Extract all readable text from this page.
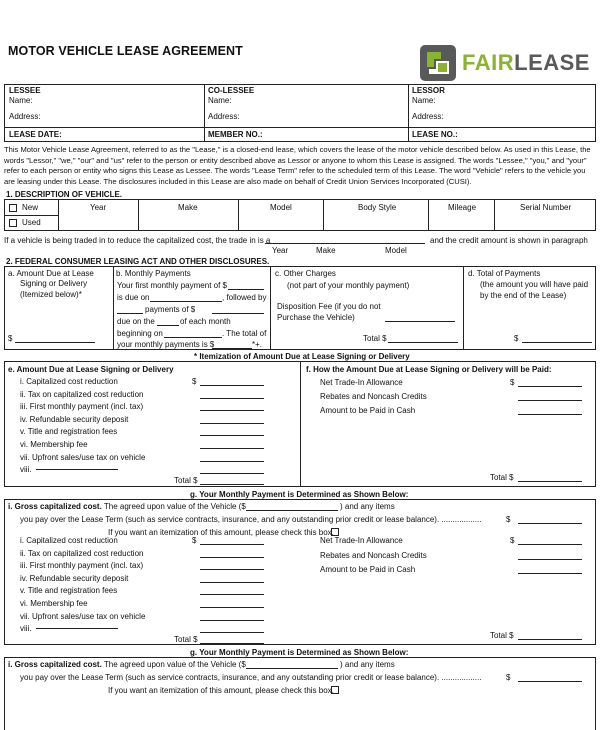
MOTOR VEHICLE LEASE AGREEMENT	FAIRLEASE
LESSEE
Name:
Address:
CO-LESSEE
Name:
Address:
LESSOR
Name:
Address:
LEASE DATE:	MEMBER NO.:	LEASE NO.:
This Motor Vehicle Lease Agreement, referred to as the "Lease," is a closed-end lease, which covers the lease of the motor vehicle described below. As used in this Lease, the words "Lessor," "we," "our" and "us" refer to the person or entity described above as Lessor or anyone to whom this Lease is assigned. The words "Lessee," "you," and "your" refer to each person or entity who signs this Lease as Lessee. The words "Lease Term" refer to the scheduled term of this Lease. The word "Vehicle" refers to the vehicle you are leasing under this Lease. The disclosures included in this Lease are also made on behalf of Credit Union Services Incorporated (CUSI).
1. DESCRIPTION OF VEHICLE.
New
Used
Year	Make	Model	Body Style	Mileage	Serial Number
If a vehicle is being traded in to reduce the capitalized cost, the trade in is a	and the credit amount is shown in paragraph
Year	Make	Model
2. FEDERAL CONSUMER LEASING ACT AND OTHER DISCLOSURES.
a. Amount Due at Lease
Signing or Delivery
(Itemized below)*
$
b. Monthly Payments
Your first monthly payment of $
is due on	, followed by
payments of $
due on the	of each month
beginning on	. The total of
your monthly payments is $	*+.
c. Other Charges
(not part of your monthly payment)
Disposition Fee (if you do not
Purchase the Vehicle)
Total $
d. Total of Payments
(the amount you will have paid
by the end of the Lease)
$
* Itemization of Amount Due at Lease Signing or Delivery
e. Amount Due at Lease Signing or Delivery
i. Capitalized cost reduction	$
ii. Tax on capitalized cost reduction
iii. First monthly payment (incl. tax)
iv. Refundable security deposit
v. Title and registration fees
vi. Membership fee
vii. Upfront sales/use tax on vehicle
viii.
Total $
f. How the Amount Due at Lease Signing or Delivery will be Paid:
Net Trade-In Allowance	$
Rebates and Noncash Credits
Amount to be Paid in Cash
Total $
g. Your Monthly Payment is Determined as Shown Below:
i. Gross capitalized cost. The agreed upon value of the Vehicle ($	) and any items
you pay over the Lease Term (such as service contracts, insurance, and any outstanding prior credit or lease balance). ..................	$
If you want an itemization of this amount, please check this box.
i. Capitalized cost reduction	$
ii. Tax on capitalized cost reduction
iii. First monthly payment (incl. tax)
iv. Refundable security deposit
v. Title and registration fees
vi. Membership fee
vii. Upfront sales/use tax on vehicle
viii.
Total $
Net Trade-In Allowance	$
Rebates and Noncash Credits
Amount to be Paid in Cash
Total $
g. Your Monthly Payment is Determined as Shown Below:
i. Gross capitalized cost. The agreed upon value of the Vehicle ($	) and any items
you pay over the Lease Term (such as service contracts, insurance, and any outstanding prior credit or lease balance). ..................	$
If you want an itemization of this amount, please check this box.
